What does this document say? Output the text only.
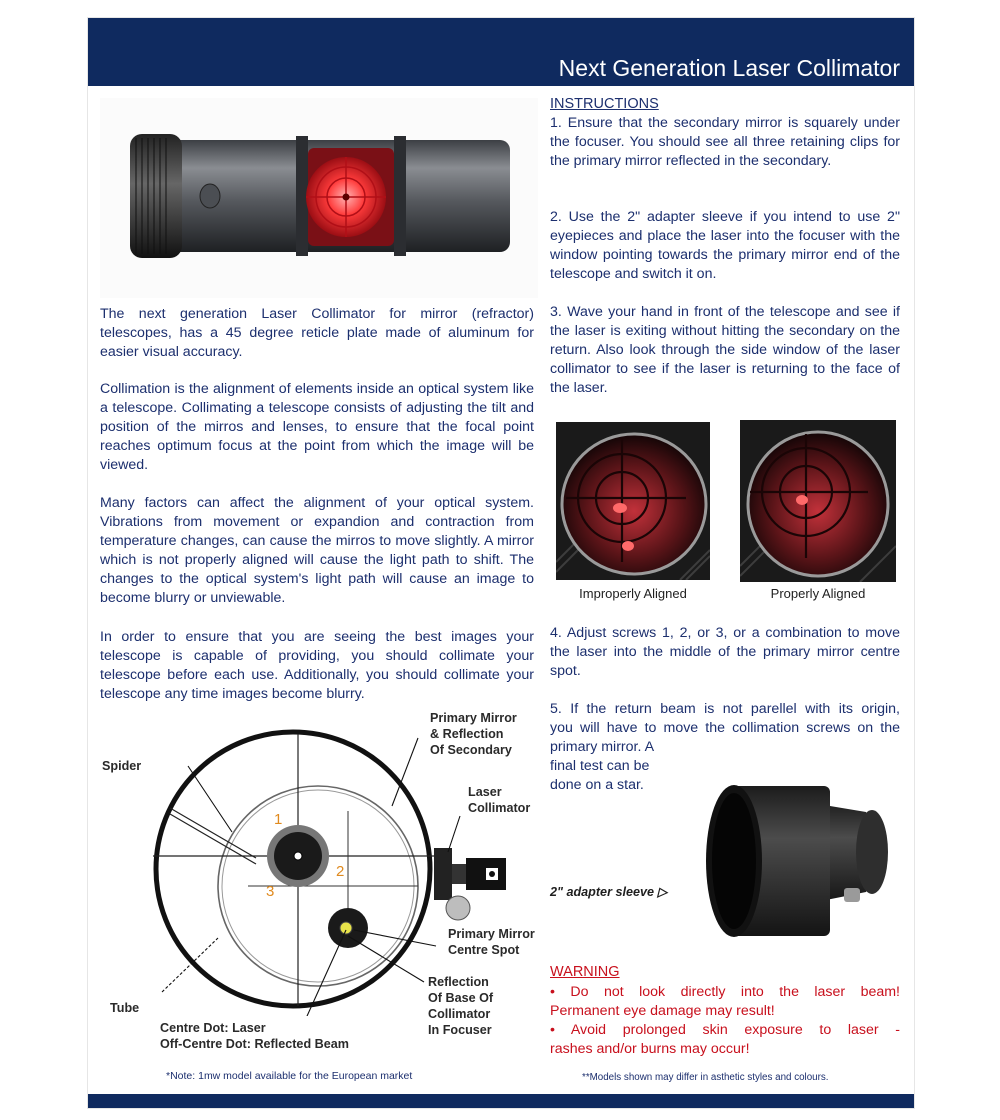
Next Generation Laser Collimator

The next generation Laser Collimator for mirror (refractor) telescopes, has a 45 degree reticle plate made of aluminum for easier visual accuracy.

Collimation is the alignment of elements inside an optical system like a telescope. Collimating a telescope consists of adjusting the tilt and position of the mirros and lenses, to ensure that the focal point reaches optimum focus at the point from which the image will be viewed.

Many factors can affect the alignment of your optical system. Vibrations from movement or expandion and contraction from temperature changes, can cause the mirros to move slightly. A mirror which is not properly aligned will cause the light path to shift. The changes to the optical system's light path will cause an image to become blurry or unviewable.

In order to ensure that you are seeing the best images your telescope is capable of providing, you should collimate your telescope before each use. Additionally, you should collimate your telescope any time images become blurry.

INSTRUCTIONS

1. Ensure that the secondary mirror is squarely under the focuser. You should see all three retaining clips for the primary mirror reflected in the secondary.

2. Use the 2" adapter sleeve if you intend to use 2" eyepieces and place the laser into the focuser with the window pointing towards the primary mirror end of the telescope and switch it on.

3. Wave your hand in front of the telescope and see if the laser is exiting without hitting the secondary on the return. Also look through the side window of the laser collimator to see if the laser is returning to the face of the laser.

Improperly Aligned	Properly Aligned

4. Adjust screws 1, 2, or 3, or a combination to move the laser into the middle of the primary mirror centre spot.

5. If the return beam is not parellel with its origin,
you will have to move the collimation screws on the
primary mirror. A
final test can be
done on a star.
2" adapter sleeve ▷
1
2
3
Spider
Tube
Primary Mirror
& Reflection
Of Secondary
Laser
Collimator
Primary Mirror
Centre Spot
Reflection
Of Base Of
Collimator
In Focuser
Centre Dot: Laser
Off-Centre Dot: Reflected Beam
WARNING
• Do not look directly into the laser beam!
Permanent eye damage may result!
• Avoid prolonged skin exposure to laser -
rashes and/or burns may occur!
*Note: 1mw model available for the European market	**Models shown may differ in asthetic styles and colours.
